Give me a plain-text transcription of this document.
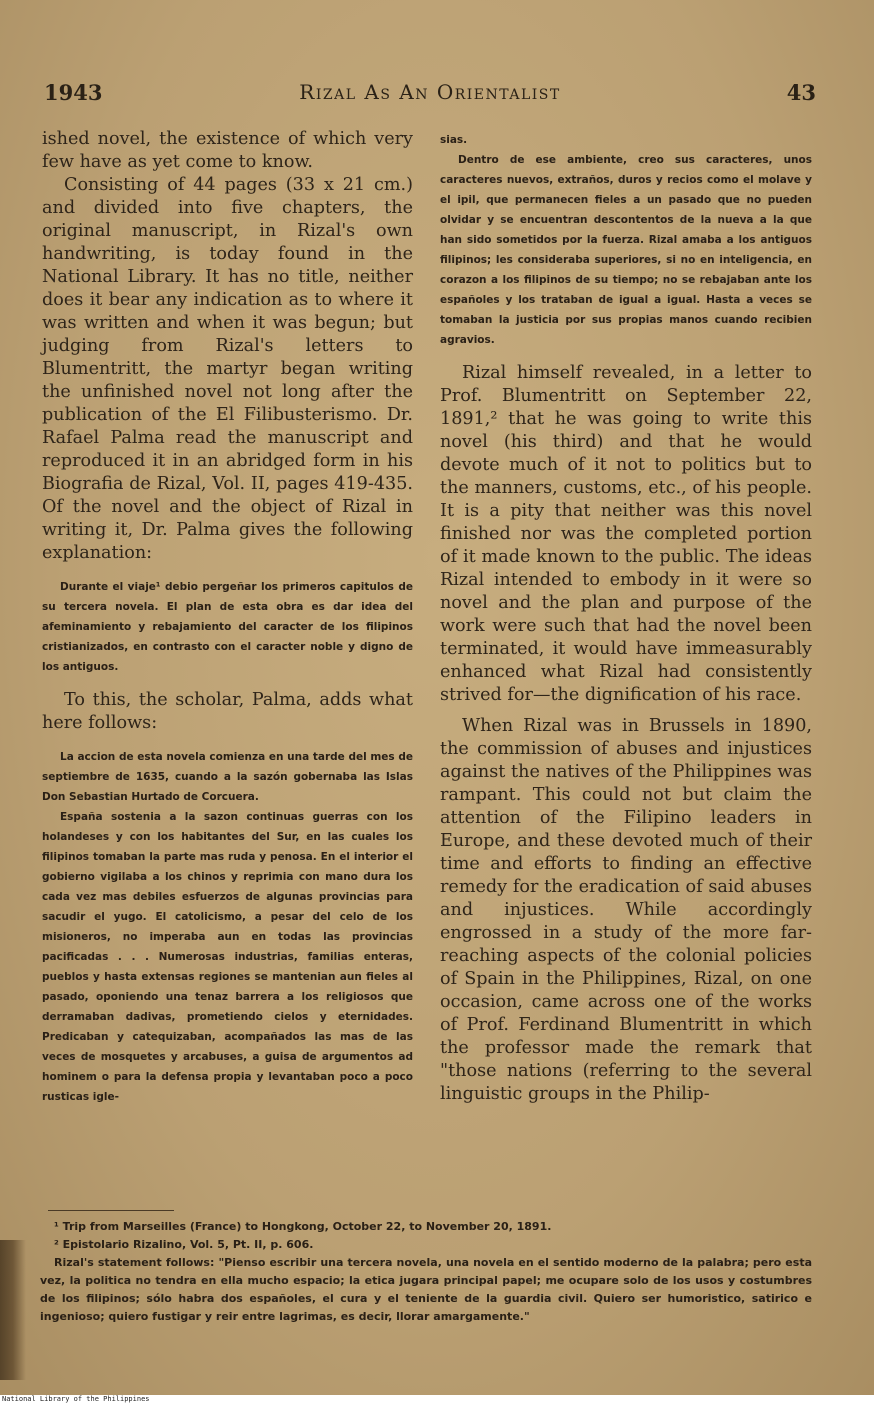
1943	Rizal As An Orientalist	43

ished novel, the existence of which very few have as yet come to know.

Consisting of 44 pages (33 x 21 cm.) and divided into five chapters, the original manuscript, in Rizal's own handwriting, is today found in the National Library. It has no title, neither does it bear any indication as to where it was written and when it was begun; but judging from Rizal's letters to Blumentritt, the martyr began writing the unfinished novel not long after the publication of the El Filibusterismo. Dr. Rafael Palma read the manuscript and reproduced it in an abridged form in his Biografia de Rizal, Vol. II, pages 419-435. Of the novel and the object of Rizal in writing it, Dr. Palma gives the following explanation:

Durante el viaje¹ debio pergeñar los primeros capitulos de su tercera novela. El plan de esta obra es dar idea del afeminamiento y rebajamiento del caracter de los filipinos cristianizados, en contrasto con el caracter noble y digno de los antiguos.

To this, the scholar, Palma, adds what here follows:

La accion de esta novela comienza en una tarde del mes de septiembre de 1635, cuando a la sazón gobernaba las Islas Don Sebastian Hurtado de Corcuera.

España sostenia a la sazon continuas guerras con los holandeses y con los habitantes del Sur, en las cuales los filipinos tomaban la parte mas ruda y penosa. En el interior el gobierno vigilaba a los chinos y reprimia con mano dura los cada vez mas debiles esfuerzos de algunas provincias para sacudir el yugo. El catolicismo, a pesar del celo de los misioneros, no imperaba aun en todas las provincias pacificadas . . . Numerosas industrias, familias enteras, pueblos y hasta extensas regiones se mantenian aun fieles al pasado, oponiendo una tenaz barrera a los religiosos que derramaban dadivas, prometiendo cielos y eternidades. Predicaban y catequizaban, acompañados las mas de las veces de mosquetes y arcabuses, a guisa de argumentos ad hominem o para la defensa propia y levantaban poco a poco rusticas igle-

sias.

Dentro de ese ambiente, creo sus caracteres, unos caracteres nuevos, extraños, duros y recios como el molave y el ipil, que permanecen fieles a un pasado que no pueden olvidar y se encuentran descontentos de la nueva a la que han sido sometidos por la fuerza. Rizal amaba a los antiguos filipinos; les consideraba superiores, si no en inteligencia, en corazon a los filipinos de su tiempo; no se rebajaban ante los españoles y los trataban de igual a igual. Hasta a veces se tomaban la justicia por sus propias manos cuando recibien agravios.

Rizal himself revealed, in a letter to Prof. Blumentritt on September 22, 1891,² that he was going to write this novel (his third) and that he would devote much of it not to politics but to the manners, customs, etc., of his people. It is a pity that neither was this novel finished nor was the completed portion of it made known to the public. The ideas Rizal intended to embody in it were so novel and the plan and purpose of the work were such that had the novel been terminated, it would have immeasurably enhanced what Rizal had consistently strived for—the dignification of his race.

When Rizal was in Brussels in 1890, the commission of abuses and injustices against the natives of the Philippines was rampant. This could not but claim the attention of the Filipino leaders in Europe, and these devoted much of their time and efforts to finding an effective remedy for the eradication of said abuses and injustices. While accordingly engrossed in a study of the more far-reaching aspects of the colonial policies of Spain in the Philippines, Rizal, on one occasion, came across one of the works of Prof. Ferdinand Blumentritt in which the professor made the remark that "those nations (referring to the several linguistic groups in the Philip-

¹ Trip from Marseilles (France) to Hongkong, October 22, to November 20, 1891.

² Epistolario Rizalino, Vol. 5, Pt. II, p. 606.

Rizal's statement follows: "Pienso escribir una tercera novela, una novela en el sentido moderno de la palabra; pero esta vez, la politica no tendra en ella mucho espacio; la etica jugara principal papel; me ocupare solo de los usos y costumbres de los filipinos; sólo habra dos españoles, el cura y el teniente de la guardia civil. Quiero ser humoristico, satirico e ingenioso; quiero fustigar y reir entre lagrimas, es decir, llorar amargamente."

National Library of the Philippines
